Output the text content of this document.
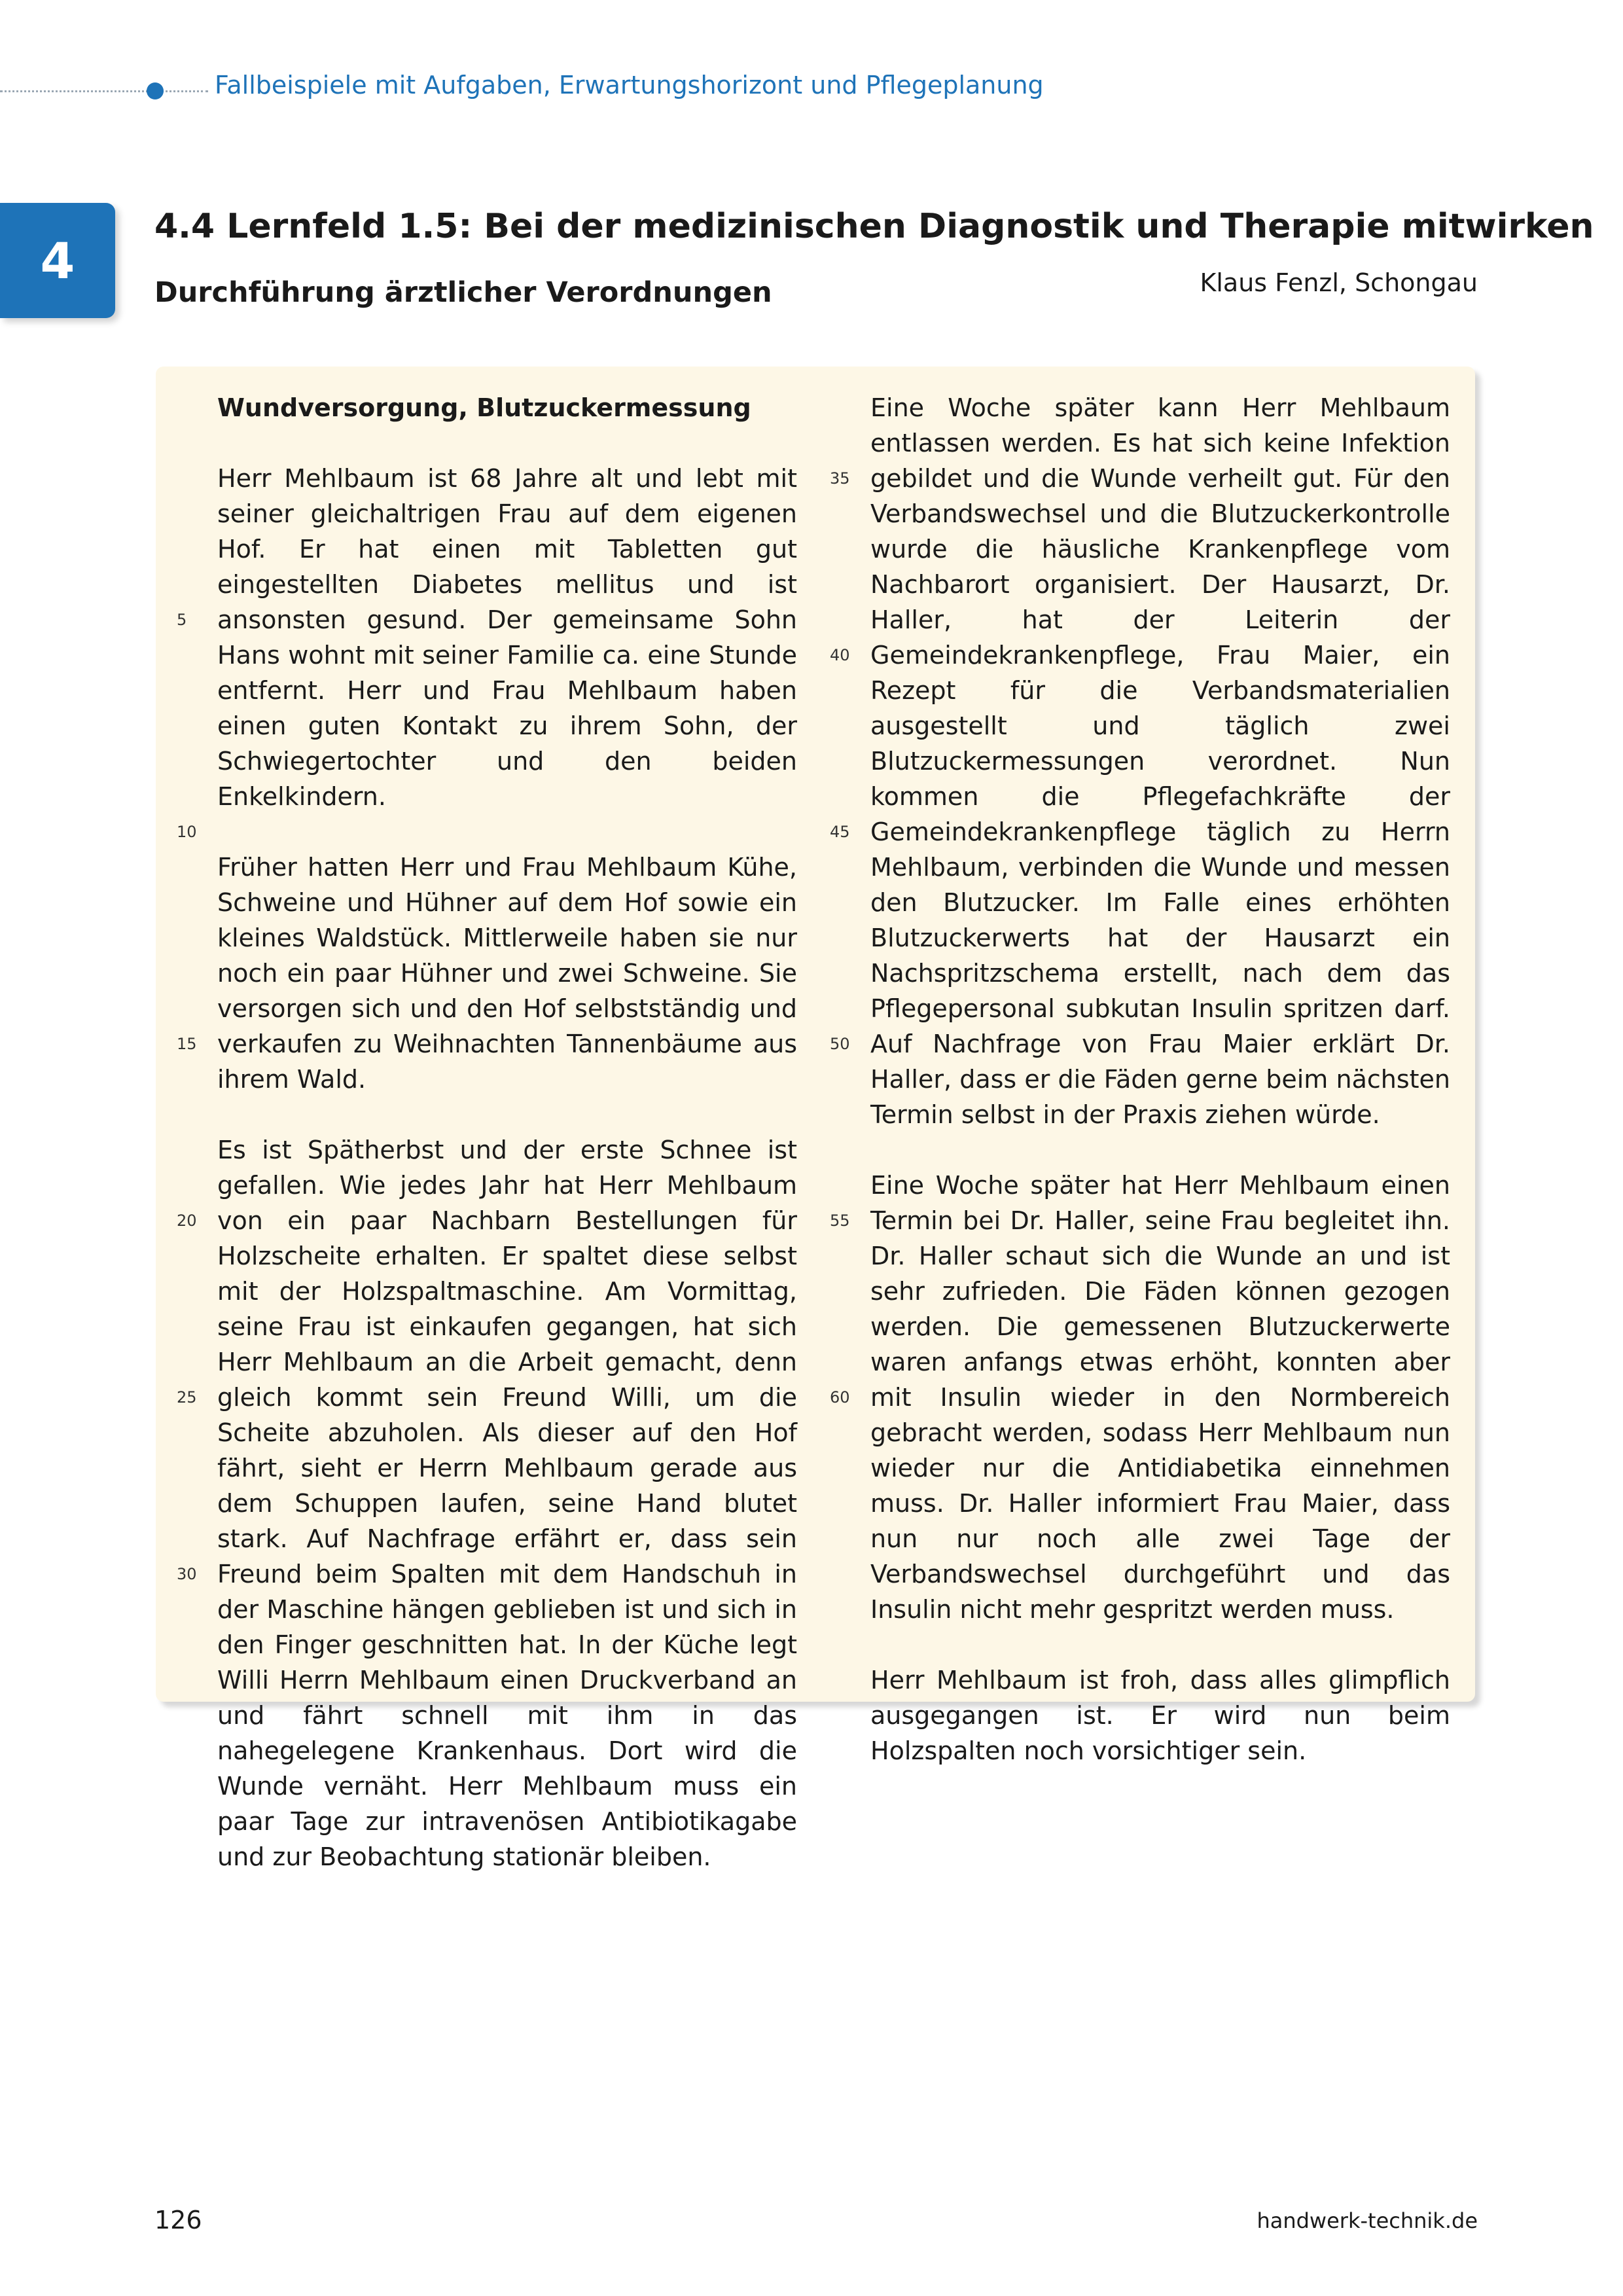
Fallbeispiele mit Aufgaben, Erwartungshorizont und Pflegeplanung
4
4.4 Lernfeld 1.5: Bei der medizinischen Diagnostik und Therapie mitwirken
Durchführung ärztlicher Verordnungen	Klaus Fenzl, Schongau
Wundversorgung, Blutzuckermessung

Herr Mehlbaum ist 68 Jahre alt und lebt mit seiner gleichaltrigen Frau auf dem eigenen Hof. Er hat einen mit Tabletten gut eingestellten Diabetes mellitus und ist ansonsten gesund. Der gemeinsame Sohn Hans wohnt mit seiner Familie ca. eine Stunde entfernt. Herr und Frau Mehlbaum haben einen guten Kontakt zu ihrem Sohn, der Schwiegertochter und den beiden Enkelkindern.

Früher hatten Herr und Frau Mehlbaum Kühe, Schweine und Hühner auf dem Hof sowie ein kleines Waldstück. Mittlerweile haben sie nur noch ein paar Hühner und zwei Schweine. Sie versorgen sich und den Hof selbstständig und verkaufen zu Weihnachten Tannenbäume aus ihrem Wald.

Es ist Spätherbst und der erste Schnee ist gefallen. Wie jedes Jahr hat Herr Mehlbaum von ein paar Nachbarn Bestellungen für Holzscheite erhalten. Er spaltet diese selbst mit der Holzspaltmaschine. Am Vormittag, seine Frau ist einkaufen gegangen, hat sich Herr Mehlbaum an die Arbeit gemacht, denn gleich kommt sein Freund Willi, um die Scheite abzuholen. Als dieser auf den Hof fährt, sieht er Herrn Mehlbaum gerade aus dem Schuppen laufen, seine Hand blutet stark. Auf Nachfrage erfährt er, dass sein Freund beim Spalten mit dem Handschuh in der Maschine hängen geblieben ist und sich in den Finger geschnitten hat. In der Küche legt Willi Herrn Mehlbaum einen Druckverband an und fährt schnell mit ihm in das nahegelegene Krankenhaus. Dort wird die Wunde vernäht. Herr Mehlbaum muss ein paar Tage zur intravenösen Antibiotikagabe und zur Beobachtung stationär bleiben.

Eine Woche später kann Herr Mehlbaum entlassen werden. Es hat sich keine Infektion gebildet und die Wunde verheilt gut. Für den Verbandswechsel und die Blutzuckerkontrolle wurde die häusliche Krankenpflege vom Nachbarort organisiert. Der Hausarzt, Dr. Haller, hat der Leiterin der Gemeindekrankenpflege, Frau Maier, ein Rezept für die Verbandsmaterialien ausgestellt und täglich zwei Blutzuckermessungen verordnet. Nun kommen die Pflegefachkräfte der Gemeindekrankenpflege täglich zu Herrn Mehlbaum, verbinden die Wunde und messen den Blutzucker. Im Falle eines erhöhten Blutzuckerwerts hat der Hausarzt ein Nachspritzschema erstellt, nach dem das Pflegepersonal subkutan Insulin spritzen darf. Auf Nachfrage von Frau Maier erklärt Dr. Haller, dass er die Fäden gerne beim nächsten Termin selbst in der Praxis ziehen würde.

Eine Woche später hat Herr Mehlbaum einen Termin bei Dr. Haller, seine Frau begleitet ihn. Dr. Haller schaut sich die Wunde an und ist sehr zufrieden. Die Fäden können gezogen werden. Die gemessenen Blutzuckerwerte waren anfangs etwas erhöht, konnten aber mit Insulin wieder in den Normbereich gebracht werden, sodass Herr Mehlbaum nun wieder nur die Antidiabetika einnehmen muss. Dr. Haller informiert Frau Maier, dass nun nur noch alle zwei Tage der Verbandswechsel durchgeführt und das Insulin nicht mehr gespritzt werden muss.

Herr Mehlbaum ist froh, dass alles glimpflich ausgegangen ist. Er wird nun beim Holzspalten noch vorsichtiger sein.

5
10
15
20
25
30
35
40
45
50
55
60
126	handwerk-technik.de
